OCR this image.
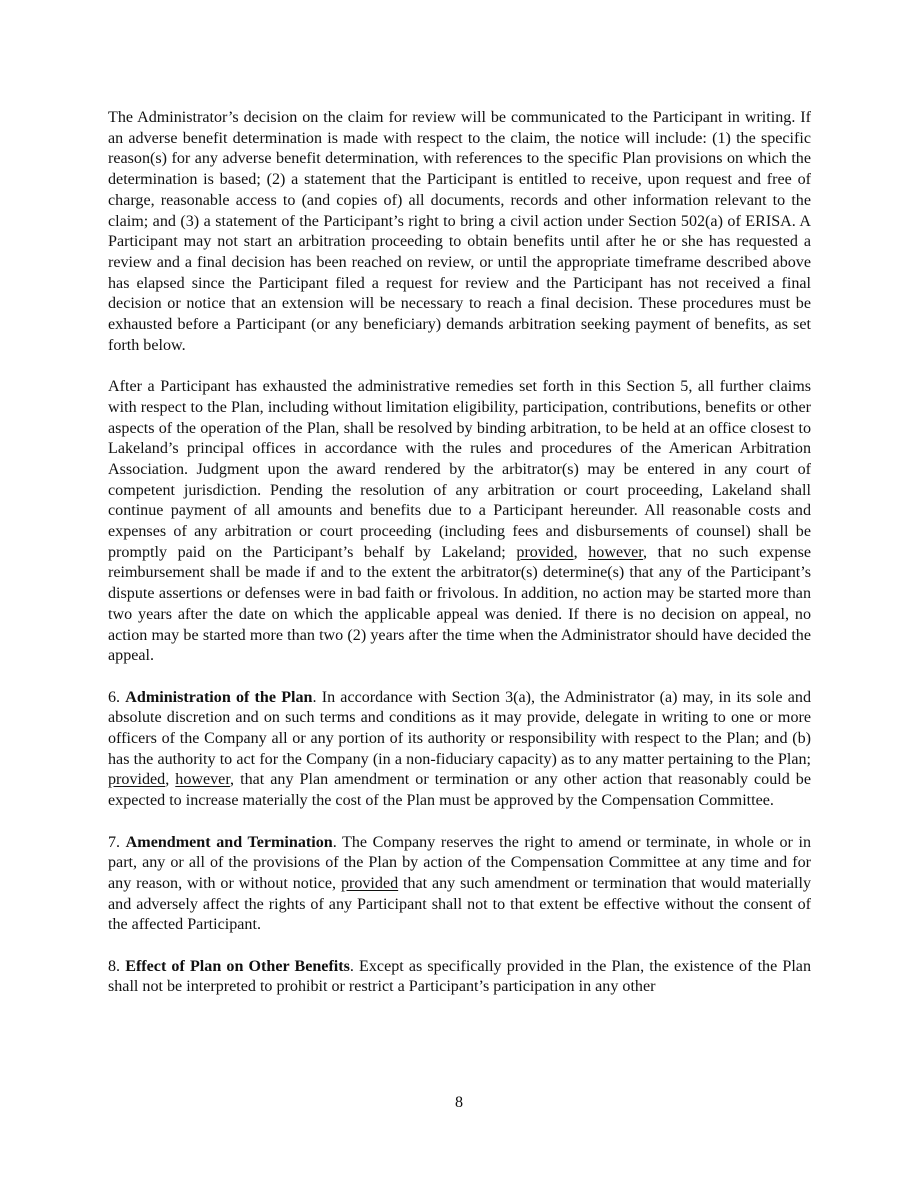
The Administrator’s decision on the claim for review will be communicated to the Participant in writing. If an adverse benefit determination is made with respect to the claim, the notice will include: (1) the specific reason(s) for any adverse benefit determination, with references to the specific Plan provisions on which the determination is based; (2) a statement that the Participant is entitled to receive, upon request and free of charge, reasonable access to (and copies of) all documents, records and other information relevant to the claim; and (3) a statement of the Participant’s right to bring a civil action under Section 502(a) of ERISA. A Participant may not start an arbitration proceeding to obtain benefits until after he or she has requested a review and a final decision has been reached on review, or until the appropriate timeframe described above has elapsed since the Participant filed a request for review and the Participant has not received a final decision or notice that an extension will be necessary to reach a final decision. These procedures must be exhausted before a Participant (or any beneficiary) demands arbitration seeking payment of benefits, as set forth below.

After a Participant has exhausted the administrative remedies set forth in this Section 5, all further claims with respect to the Plan, including without limitation eligibility, participation, contributions, benefits or other aspects of the operation of the Plan, shall be resolved by binding arbitration, to be held at an office closest to Lakeland’s principal offices in accordance with the rules and procedures of the American Arbitration Association. Judgment upon the award rendered by the arbitrator(s) may be entered in any court of competent jurisdiction. Pending the resolution of any arbitration or court proceeding, Lakeland shall continue payment of all amounts and benefits due to a Participant hereunder. All reasonable costs and expenses of any arbitration or court proceeding (including fees and disbursements of counsel) shall be promptly paid on the Participant’s behalf by Lakeland; provided, however, that no such expense reimbursement shall be made if and to the extent the arbitrator(s) determine(s) that any of the Participant’s dispute assertions or defenses were in bad faith or frivolous. In addition, no action may be started more than two years after the date on which the applicable appeal was denied. If there is no decision on appeal, no action may be started more than two (2) years after the time when the Administrator should have decided the appeal.

6. Administration of the Plan. In accordance with Section 3(a), the Administrator (a) may, in its sole and absolute discretion and on such terms and conditions as it may provide, delegate in writing to one or more officers of the Company all or any portion of its authority or responsibility with respect to the Plan; and (b) has the authority to act for the Company (in a non-fiduciary capacity) as to any matter pertaining to the Plan; provided, however, that any Plan amendment or termination or any other action that reasonably could be expected to increase materially the cost of the Plan must be approved by the Compensation Committee.

7. Amendment and Termination. The Company reserves the right to amend or terminate, in whole or in part, any or all of the provisions of the Plan by action of the Compensation Committee at any time and for any reason, with or without notice, provided that any such amendment or termination that would materially and adversely affect the rights of any Participant shall not to that extent be effective without the consent of the affected Participant.

8. Effect of Plan on Other Benefits. Except as specifically provided in the Plan, the existence of the Plan shall not be interpreted to prohibit or restrict a Participant’s participation in any other

8
